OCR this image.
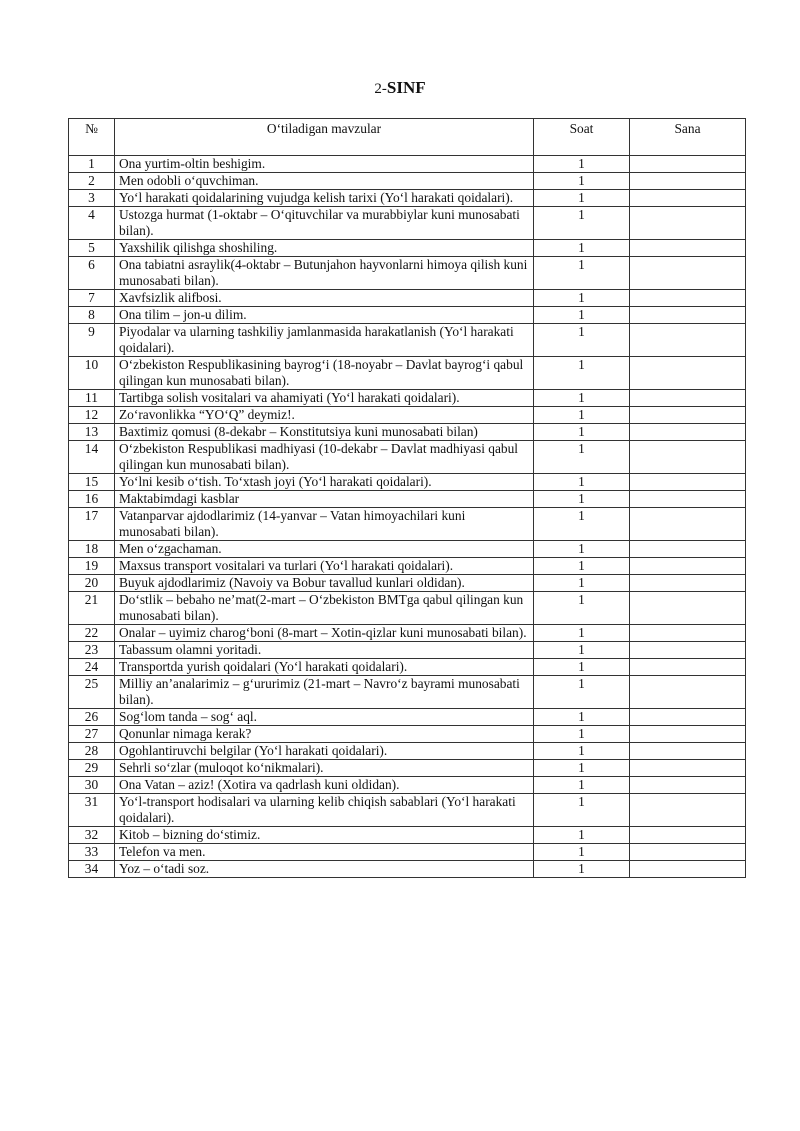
2-SINF
№	O‘tiladigan mavzular	Soat	Sana
1	Ona yurtim-oltin beshigim.	1	
2	Men odobli o‘quvchiman.	1	
3	Yo‘l harakati qoidalarining vujudga kelish tarixi (Yo‘l harakati qoidalari).	1	
4	Ustozga hurmat (1-oktabr – O‘qituvchilar va murabbiylar kuni munosabati bilan).	1	
5	Yaxshilik qilishga shoshiling.	1	
6	Ona tabiatni asraylik(4-oktabr – Butunjahon hayvonlarni himoya qilish kuni munosabati bilan).	1	
7	Xavfsizlik alifbosi.	1	
8	Ona tilim – jon-u dilim.	1	
9	Piyodalar va ularning tashkiliy jamlanmasida harakatlanish (Yo‘l harakati qoidalari).	1	
10	O‘zbekiston Respublikasining bayrog‘i (18-noyabr – Davlat bayrog‘i qabul qilingan kun munosabati bilan).	1	
11	Tartibga solish vositalari va ahamiyati (Yo‘l harakati qoidalari).	1	
12	Zo‘ravonlikka “YO‘Q” deymiz!.	1	
13	Baxtimiz qomusi (8-dekabr – Konstitutsiya kuni munosabati bilan)	1	
14	O‘zbekiston Respublikasi madhiyasi (10-dekabr – Davlat madhiyasi qabul qilingan kun munosabati bilan).	1	
15	Yo‘lni kesib o‘tish. To‘xtash joyi (Yo‘l harakati qoidalari).	1	
16	Maktabimdagi kasblar	1	
17	Vatanparvar ajdodlarimiz (14-yanvar – Vatan himoyachilari kuni munosabati bilan).	1	
18	Men o‘zgachaman.	1	
19	Maxsus transport vositalari va turlari (Yo‘l harakati qoidalari).	1	
20	Buyuk ajdodlarimiz (Navoiy va Bobur tavallud kunlari oldidan).	1	
21	Do‘stlik – bebaho ne’mat(2-mart – O‘zbekiston BMTga qabul qilingan kun munosabati bilan).	1	
22	Onalar – uyimiz charog‘boni (8-mart – Xotin-qizlar kuni munosabati bilan).	1	
23	Tabassum olamni yoritadi.	1	
24	Transportda yurish qoidalari (Yo‘l harakati qoidalari).	1	
25	Milliy an’analarimiz – g‘ururimiz (21-mart – Navro‘z bayrami munosabati bilan).	1	
26	Sog‘lom tanda – sog‘ aql.	1	
27	Qonunlar nimaga kerak?	1	
28	Ogohlantiruvchi belgilar (Yo‘l harakati qoidalari).	1	
29	Sehrli so‘zlar (muloqot ko‘nikmalari).	1	
30	Ona Vatan – aziz! (Xotira va qadrlash kuni oldidan).	1	
31	Yo‘l-transport hodisalari va ularning kelib chiqish sabablari (Yo‘l harakati qoidalari).	1	
32	Kitob – bizning do‘stimiz.	1	
33	Telefon va men.	1	
34	Yoz – o‘tadi soz.	1	
